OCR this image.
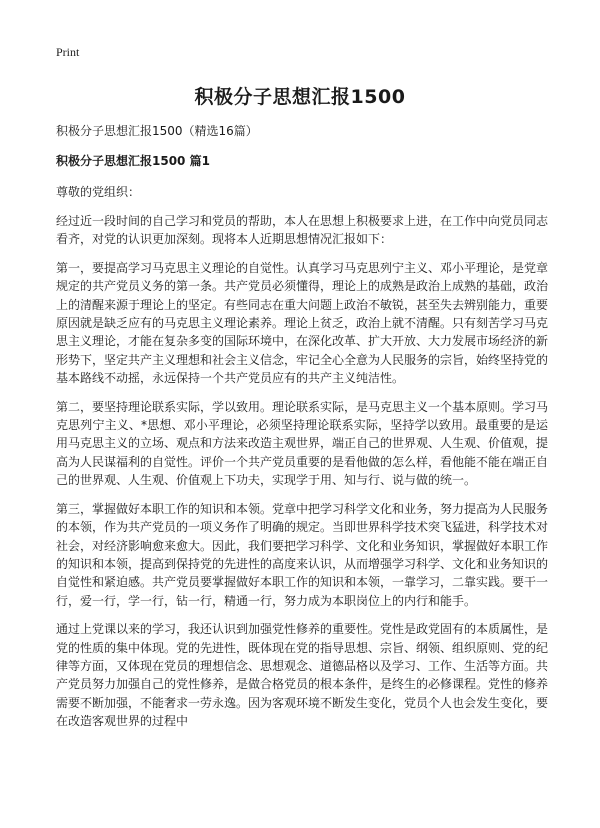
Print
积极分子思想汇报1500

积极分子思想汇报1500（精选16篇）

积极分子思想汇报1500 篇1

尊敬的党组织：

经过近一段时间的自己学习和党员的帮助，本人在思想上积极要求上进，在工作中向党员同志看齐，对党的认识更加深刻。现将本人近期思想情况汇报如下：

第一，要提高学习马克思主义理论的自觉性。认真学习马克思列宁主义、邓小平理论，是党章规定的共产党员义务的第一条。共产党员必须懂得，理论上的成熟是政治上成熟的基础，政治上的清醒来源于理论上的坚定。有些同志在重大问题上政治不敏锐，甚至失去辨别能力，重要原因就是缺乏应有的马克思主义理论素养。理论上贫乏，政治上就不清醒。只有刻苦学习马克思主义理论，才能在复杂多变的国际环境中，在深化改革、扩大开放、大力发展市场经济的新形势下，坚定共产主义理想和社会主义信念，牢记全心全意为人民服务的宗旨，始终坚持党的基本路线不动摇，永远保持一个共产党员应有的共产主义纯洁性。

第二，要坚持理论联系实际，学以致用。理论联系实际，是马克思主义一个基本原则。学习马克思列宁主义、*思想、邓小平理论，必须坚持理论联系实际，坚持学以致用。最重要的是运用马克思主义的立场、观点和方法来改造主观世界，端正自己的世界观、人生观、价值观，提高为人民谋福利的自觉性。评价一个共产党员重要的是看他做的怎么样，看他能不能在端正自己的世界观、人生观、价值观上下功夫，实现学于用、知与行、说与做的统一。

第三，掌握做好本职工作的知识和本领。党章中把学习科学文化和业务，努力提高为人民服务的本领，作为共产党员的一项义务作了明确的规定。当即世界科学技术突飞猛进，科学技术对社会，对经济影响愈来愈大。因此，我们要把学习科学、文化和业务知识，掌握做好本职工作的知识和本领，提高到保持党的先进性的高度来认识，从而增强学习科学、文化和业务知识的自觉性和紧迫感。共产党员要掌握做好本职工作的知识和本领，一靠学习，二靠实践。要干一行，爱一行，学一行，钻一行，精通一行，努力成为本职岗位上的内行和能手。

通过上党课以来的学习，我还认识到加强党性修养的重要性。党性是政党固有的本质属性，是党的性质的集中体现。党的先进性，既体现在党的指导思想、宗旨、纲领、组织原则、党的纪律等方面，又体现在党员的理想信念、思想观念、道德品格以及学习、工作、生活等方面。共产党员努力加强自己的党性修养，是做合格党员的根本条件，是终生的必修课程。党性的修养需要不断加强，不能奢求一劳永逸。因为客观环境不断发生变化，党员个人也会发生变化，要在改造客观世界的过程中
